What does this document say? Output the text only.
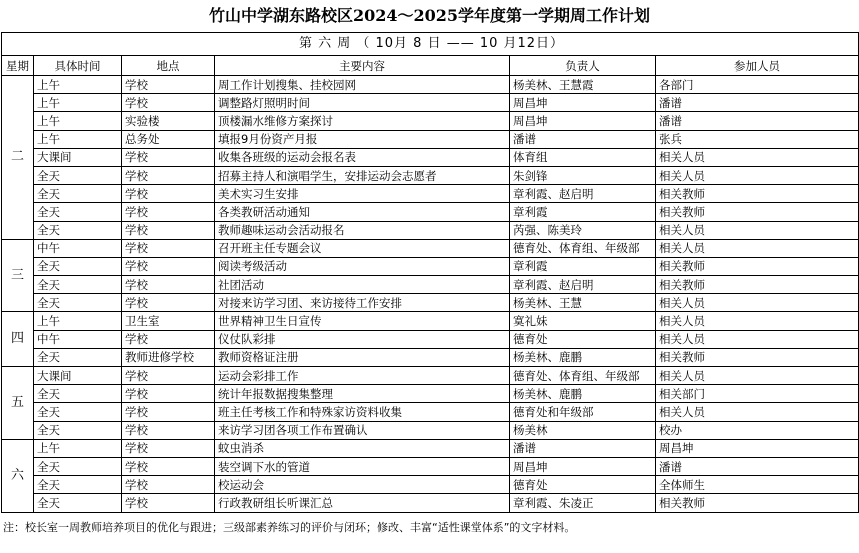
竹山中学湖东路校区2024～2025学年度第一学期周工作计划
第 六 周 （ 10月 8 日 —— 10 月12日）					
星期	具体时间	地点	主要内容	负责人	参加人员
二	上午	学校	周工作计划搜集、挂校园网	杨美林、王慧霞	各部门
	上午	学校	调整路灯照明时间	周昌坤	潘谱
	上午	实验楼	顶楼漏水维修方案探讨	周昌坤	潘谱
	上午	总务处	填报9月份资产月报	潘谱	张兵
	大课间	学校	收集各班级的运动会报名表	体育组	相关人员
	全天	学校	招募主持人和演唱学生，安排运动会志愿者	朱剑锋	相关人员
	全天	学校	美术实习生安排	章利霞、赵启明	相关教师
	全天	学校	各类教研活动通知	章利霞	相关教师
	全天	学校	教师趣味运动会活动报名	芮强、陈美玲	相关人员
三	中午	学校	召开班主任专题会议	德育处、体育组、年级部	相关人员
	全天	学校	阅读考级活动	章利霞	相关教师
	全天	学校	社团活动	章利霞、赵启明	相关教师
	全天	学校	对接来访学习团、来访接待工作安排	杨美林、王慧	相关人员
四	上午	卫生室	世界精神卫生日宣传	寞礼妹	相关人员
	中午	学校	仪仗队彩排	德育处	相关人员
	全天	教师进修学校	教师资格证注册	杨美林、鹿鹏	相关教师
五	大课间	学校	运动会彩排工作	德育处、体育组、年级部	相关人员
	全天	学校	统计年报数据搜集整理	杨美林、鹿鹏	相关部门
	全天	学校	班主任考核工作和特殊家访资料收集	德育处和年级部	相关人员
	全天	学校	来访学习团各项工作布置确认	杨美林	校办
六	上午	学校	蚊虫消杀	潘谱	周昌坤
	全天	学校	装空调下水的管道	周昌坤	潘谱
	全天	学校	校运动会	德育处	全体师生
	全天	学校	行政教研组长听课汇总	章利霞、朱凌正	相关教师
注：校长室一周教师培养项目的优化与跟进；三级部素养练习的评价与闭环；修改、丰富“适性课堂体系”的文字材料。
